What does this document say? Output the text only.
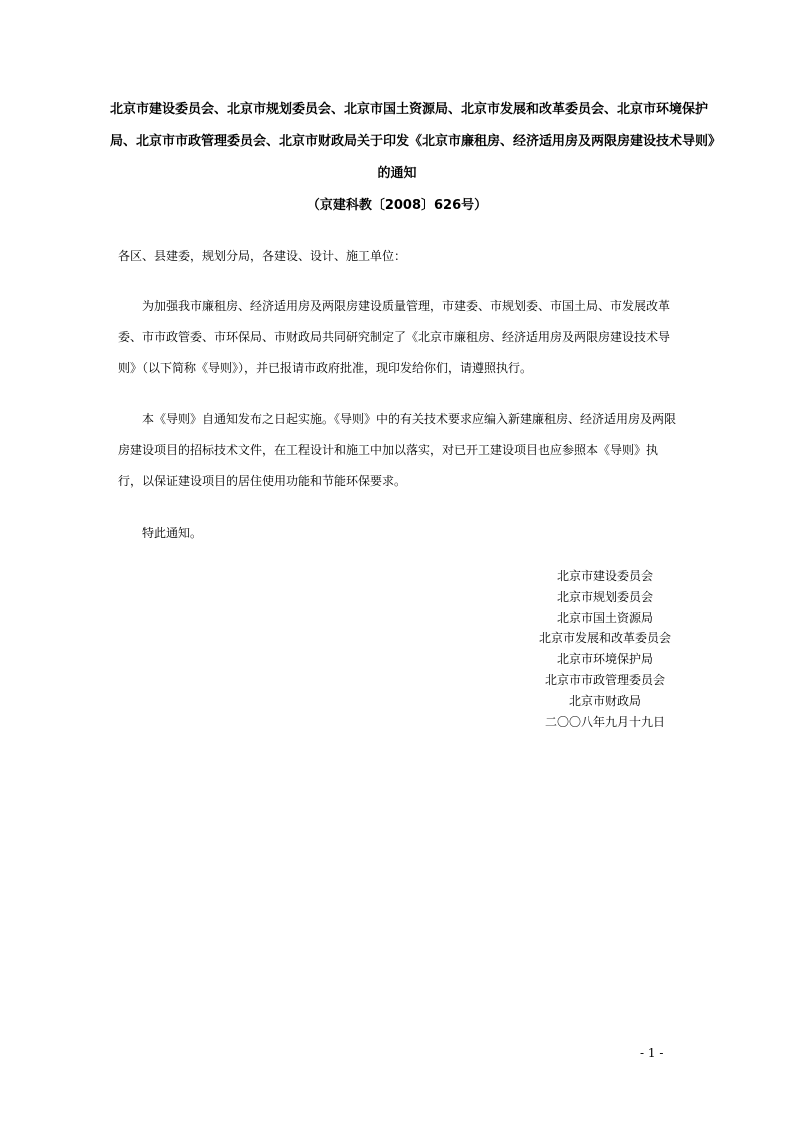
北京市建设委员会、北京市规划委员会、北京市国土资源局、北京市发展和改革委员会、北京市环境保护
局、北京市市政管理委员会、北京市财政局关于印发《北京市廉租房、经济适用房及两限房建设技术导则》
的通知
（京建科教〔2008〕626号）
各区、县建委，规划分局，各建设、设计、施工单位：
为加强我市廉租房、经济适用房及两限房建设质量管理，市建委、市规划委、市国土局、市发展改革委、市市政管委、市环保局、市财政局共同研究制定了《北京市廉租房、经济适用房及两限房建设技术导则》（以下简称《导则》），并已报请市政府批准，现印发给你们，请遵照执行。
本《导则》自通知发布之日起实施。《导则》中的有关技术要求应编入新建廉租房、经济适用房及两限房建设项目的招标技术文件，在工程设计和施工中加以落实，对已开工建设项目也应参照本《导则》执行，以保证建设项目的居住使用功能和节能环保要求。
特此通知。
北京市建设委员会
北京市规划委员会
北京市国土资源局
北京市发展和改革委员会
北京市环境保护局
北京市市政管理委员会
北京市财政局
二〇〇八年九月十九日
- 1 -
